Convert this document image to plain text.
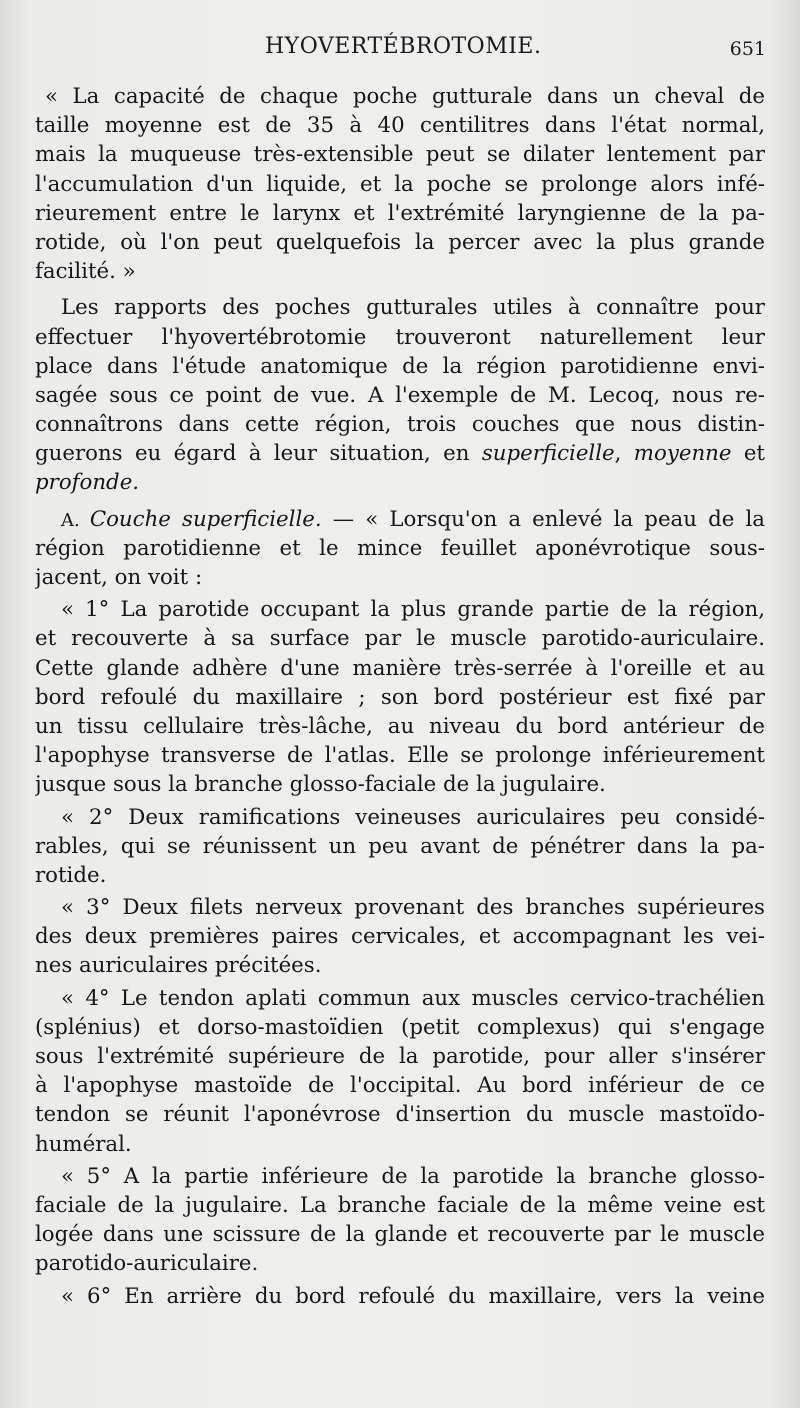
HYOVERTÉBROTOMIE.	651
« La capacité de chaque poche gutturale dans un cheval de
taille moyenne est de 35 à 40 centilitres dans l'état normal,
mais la muqueuse très-extensible peut se dilater lentement par
l'accumulation d'un liquide, et la poche se prolonge alors infé-
rieurement entre le larynx et l'extrémité laryngienne de la pa-
rotide, où l'on peut quelquefois la percer avec la plus grande
facilité. »
Les rapports des poches gutturales utiles à connaître pour
effectuer l'hyovertébrotomie trouveront naturellement leur
place dans l'étude anatomique de la région parotidienne envi-
sagée sous ce point de vue. A l'exemple de M. Lecoq, nous re-
connaîtrons dans cette région, trois couches que nous distin-
guerons eu égard à leur situation, en superficielle, moyenne et
profonde.
A. Couche superficielle. — « Lorsqu'on a enlevé la peau de la
région parotidienne et le mince feuillet aponévrotique sous-
jacent, on voit :
« 1° La parotide occupant la plus grande partie de la région,
et recouverte à sa surface par le muscle parotido-auriculaire.
Cette glande adhère d'une manière très-serrée à l'oreille et au
bord refoulé du maxillaire ; son bord postérieur est fixé par
un tissu cellulaire très-lâche, au niveau du bord antérieur de
l'apophyse transverse de l'atlas. Elle se prolonge inférieurement
jusque sous la branche glosso-faciale de la jugulaire.
« 2° Deux ramifications veineuses auriculaires peu considé-
rables, qui se réunissent un peu avant de pénétrer dans la pa-
rotide.
« 3° Deux filets nerveux provenant des branches supérieures
des deux premières paires cervicales, et accompagnant les vei-
nes auriculaires précitées.
« 4° Le tendon aplati commun aux muscles cervico-trachélien
(splénius) et dorso-mastoïdien (petit complexus) qui s'engage
sous l'extrémité supérieure de la parotide, pour aller s'insérer
à l'apophyse mastoïde de l'occipital. Au bord inférieur de ce
tendon se réunit l'aponévrose d'insertion du muscle mastoïdo-
huméral.
« 5° A la partie inférieure de la parotide la branche glosso-
faciale de la jugulaire. La branche faciale de la même veine est
logée dans une scissure de la glande et recouverte par le muscle
parotido-auriculaire.
« 6° En arrière du bord refoulé du maxillaire, vers la veine
